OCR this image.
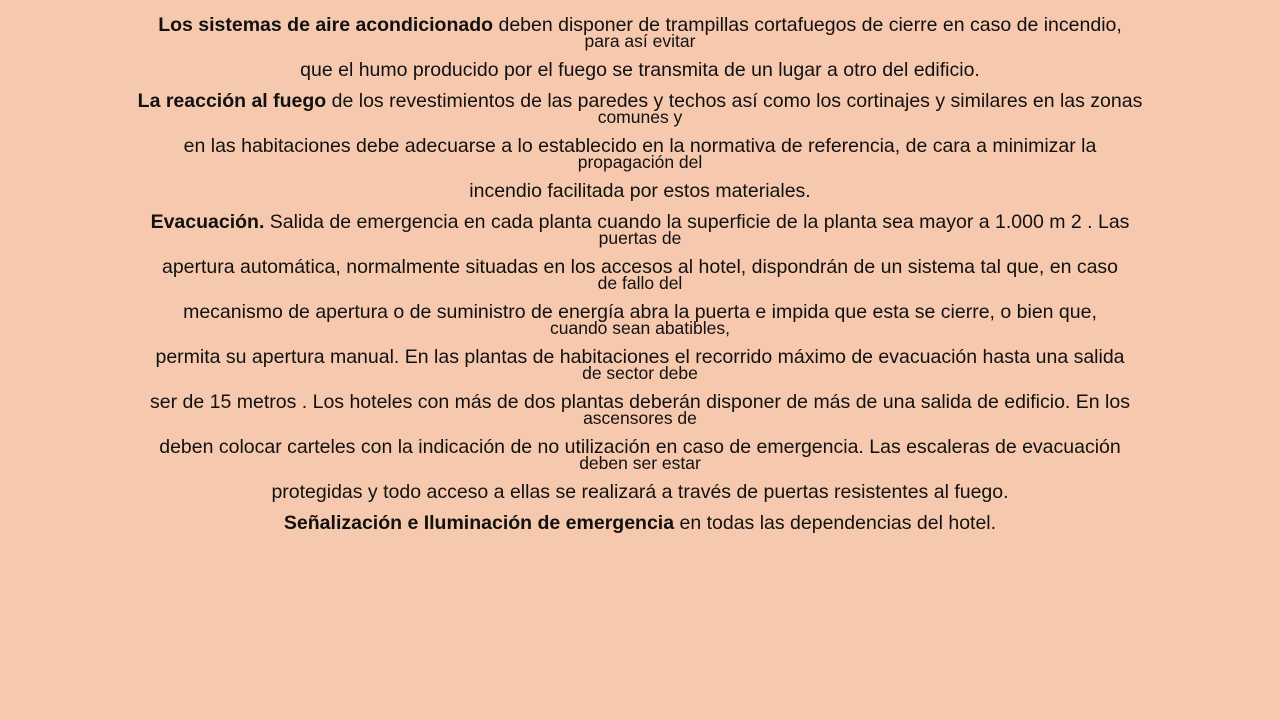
Los sistemas de aire acondicionado deben disponer de trampillas cortafuegos de cierre en caso de incendio,
para así evitar

que el humo producido por el fuego se transmita de un lugar a otro del edificio.

La reacción al fuego de los revestimientos de las paredes y techos así como los cortinajes y similares en las zonas
comunes y

en las habitaciones debe adecuarse a lo establecido en la normativa de referencia, de cara a minimizar la
propagación del

incendio facilitada por estos materiales.

Evacuación. Salida de emergencia en cada planta cuando la superficie de la planta sea mayor a 1.000 m 2 . Las
puertas de

apertura automática, normalmente situadas en los accesos al hotel, dispondrán de un sistema tal que, en caso
de fallo del

mecanismo de apertura o de suministro de energía abra la puerta e impida que esta se cierre, o bien que,
cuando sean abatibles,

permita su apertura manual. En las plantas de habitaciones el recorrido máximo de evacuación hasta una salida
de sector debe

ser de 15 metros . Los hoteles con más de dos plantas deberán disponer de más de una salida de edificio. En los
ascensores de

deben colocar carteles con la indicación de no utilización en caso de emergencia. Las escaleras de evacuación
deben ser estar

protegidas y todo acceso a ellas se realizará a través de puertas resistentes al fuego.

Señalización e Iluminación de emergencia en todas las dependencias del hotel.
